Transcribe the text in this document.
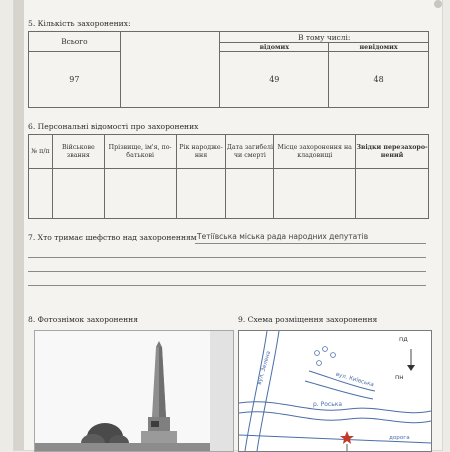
5. Кількість захоронених:
Всього		В тому числі:	
		відомих	невідомих
97		49	48
6. Персональні відомості про захоронених
№ п/п	Військове звання	Прізвище, ім'я, по-батькові	Рік народже-ння	Дата загибелі чи смерті	Місце захоронення на кладовищі	Звідки перезахоро-нений

7. Хто тримає шефство над захороненням Тетіївська міська рада народних депутатів
8. Фотознімок захоронення	9. Схема розміщення захоронення
пд
пн
вул. Зелена	вул. Київська
р. Роська
дорога
